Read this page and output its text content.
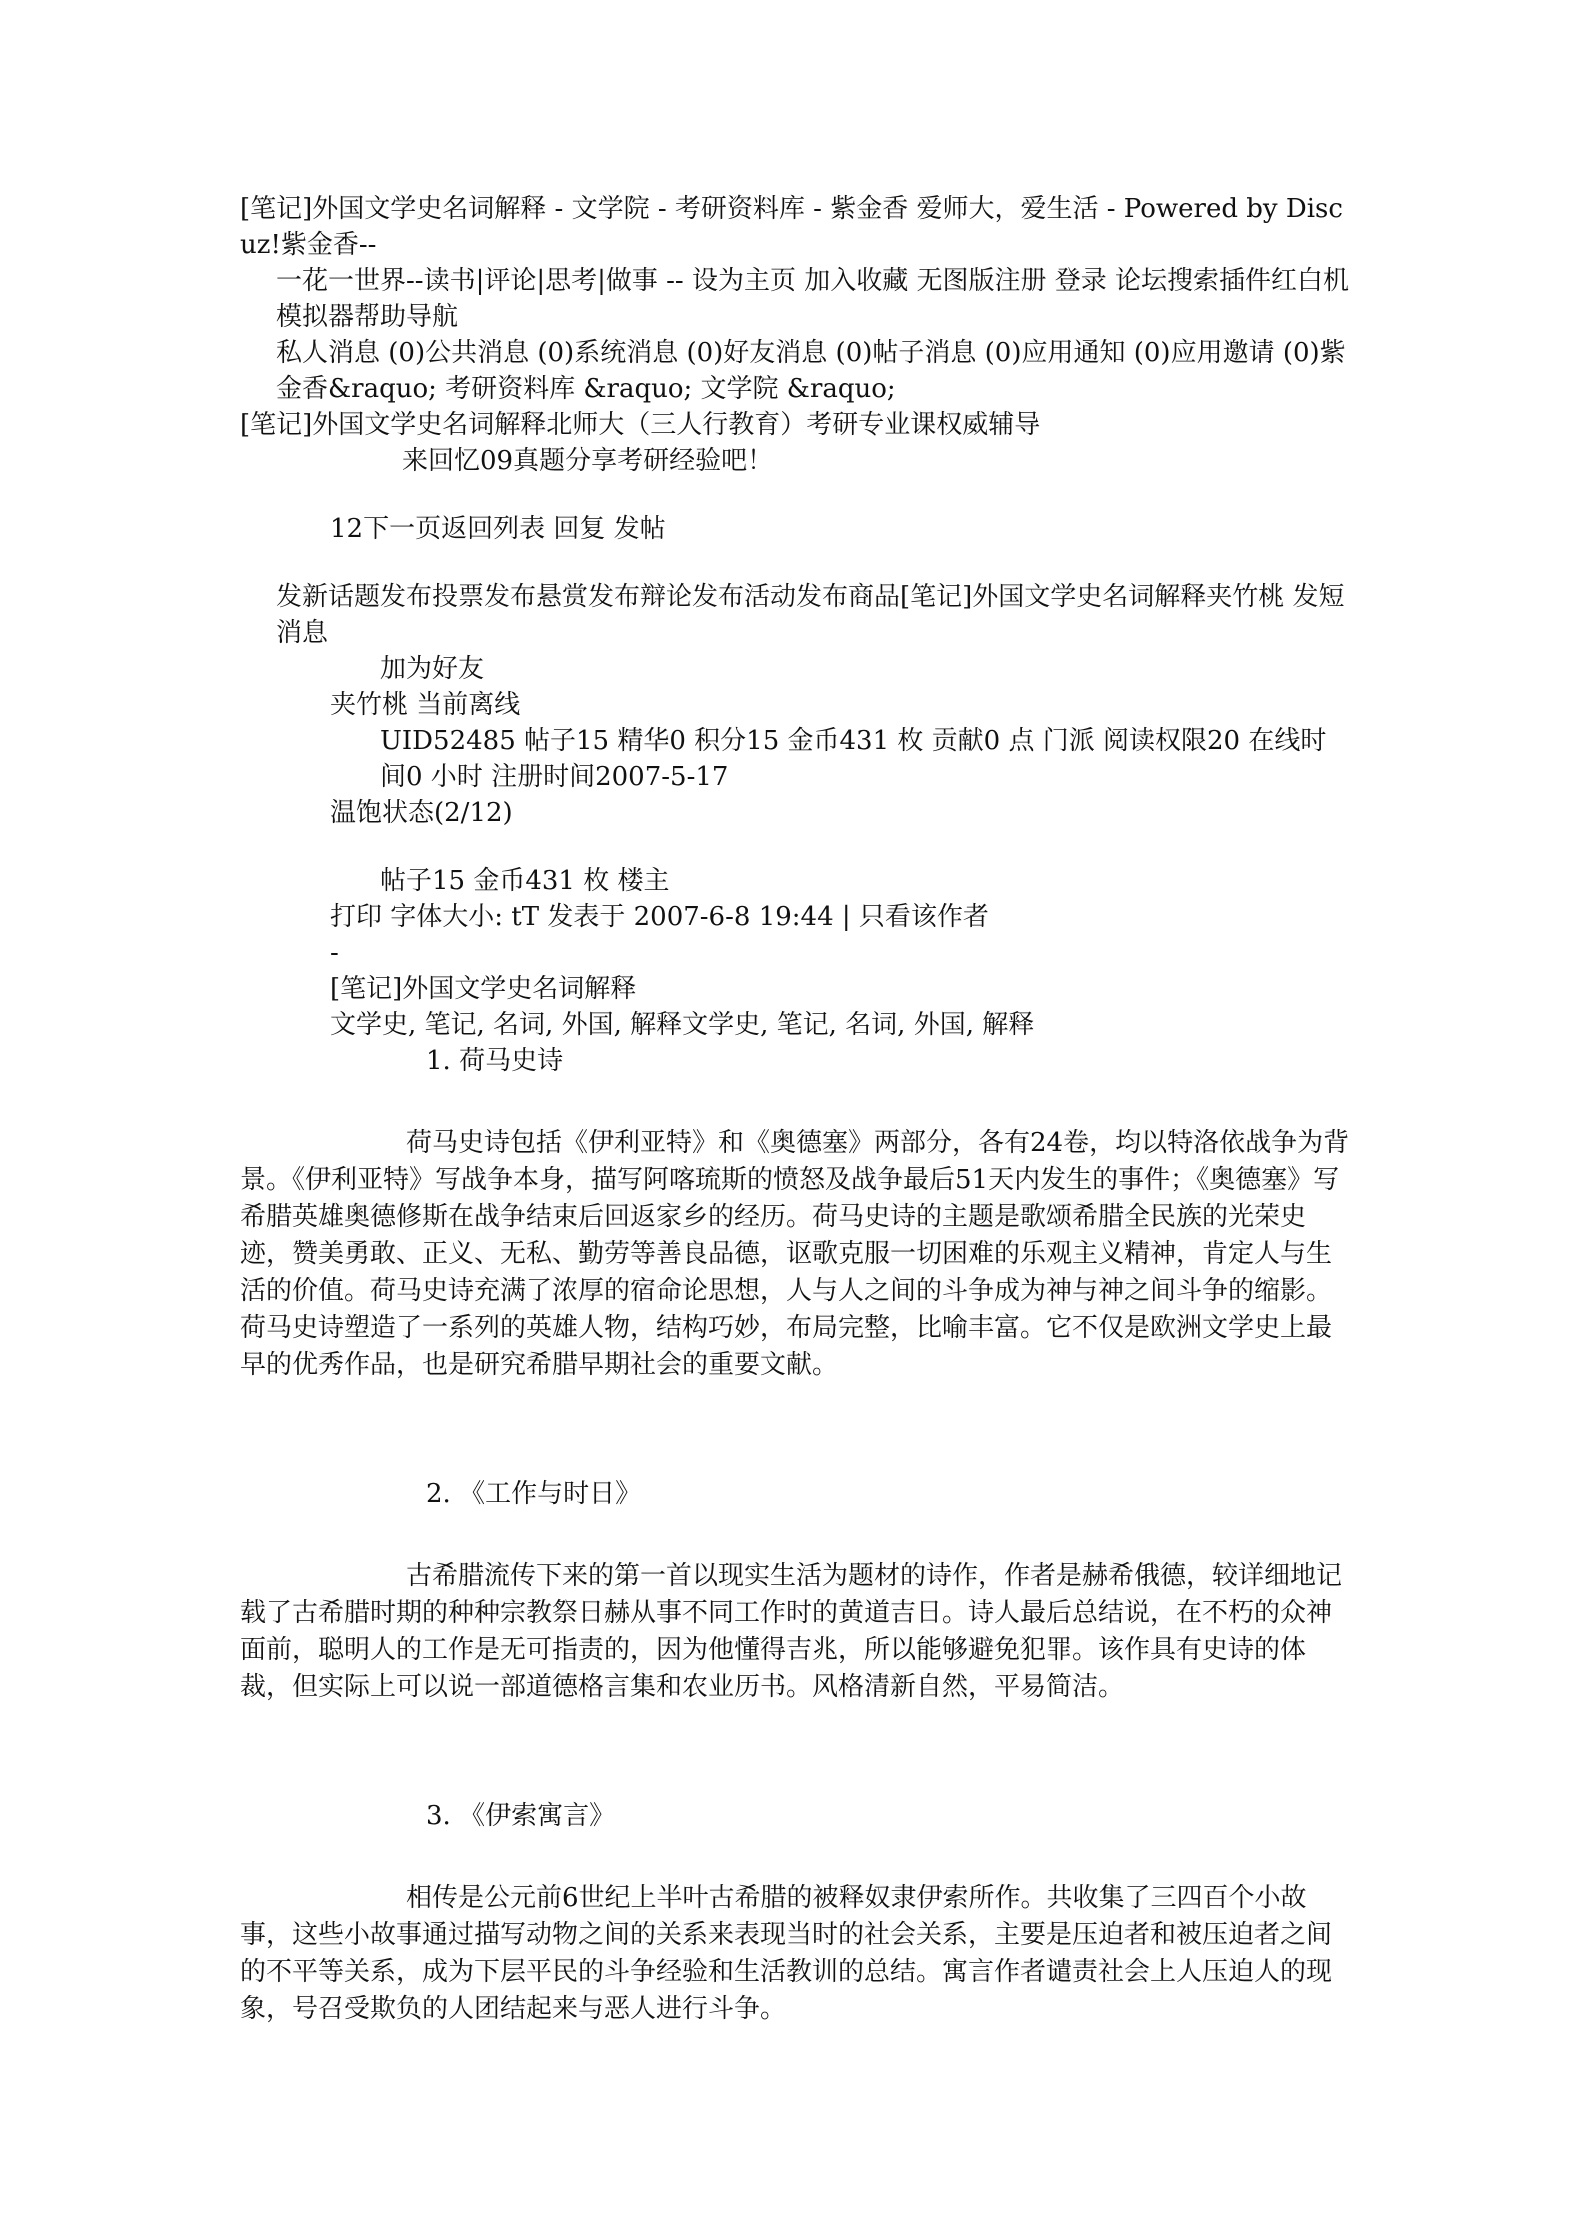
[笔记]外国文学史名词解释 - 文学院 - 考研资料库 - 紫金香 爱师大，爱生活 - Powered by Discuz!紫金香--
一花一世界--读书|评论|思考|做事 -- 设为主页 加入收藏 无图版注册 登录 论坛搜索插件红白机模拟器帮助导航
私人消息 (0)公共消息 (0)系统消息 (0)好友消息 (0)帖子消息 (0)应用通知 (0)应用邀请 (0)紫金香&raquo; 考研资料库 &raquo; 文学院 &raquo;
[笔记]外国文学史名词解释北师大（三人行教育）考研专业课权威辅导
来回忆09真题分享考研经验吧！
12下一页返回列表 回复 发帖
发新话题发布投票发布悬赏发布辩论发布活动发布商品[笔记]外国文学史名词解释夹竹桃 发短消息
加为好友
夹竹桃 当前离线
UID52485 帖子15 精华0 积分15 金币431 枚 贡献0 点 门派 阅读权限20 在线时间0 小时 注册时间2007-5-17
温饱状态(2/12)
帖子15 金币431 枚 楼主
打印 字体大小: tT 发表于 2007-6-8 19:44 | 只看该作者
-
[笔记]外国文学史名词解释
文学史, 笔记, 名词, 外国, 解释文学史, 笔记, 名词, 外国, 解释
1. 荷马史诗
荷马史诗包括《伊利亚特》和《奥德塞》两部分，各有24卷，均以特洛依战争为背景。《伊利亚特》写战争本身，描写阿喀琉斯的愤怒及战争最后51天内发生的事件；《奥德塞》写希腊英雄奥德修斯在战争结束后回返家乡的经历。荷马史诗的主题是歌颂希腊全民族的光荣史迹，赞美勇敢、正义、无私、勤劳等善良品德，讴歌克服一切困难的乐观主义精神，肯定人与生活的价值。荷马史诗充满了浓厚的宿命论思想，人与人之间的斗争成为神与神之间斗争的缩影。荷马史诗塑造了一系列的英雄人物，结构巧妙，布局完整，比喻丰富。它不仅是欧洲文学史上最早的优秀作品，也是研究希腊早期社会的重要文献。
2. 《工作与时日》
古希腊流传下来的第一首以现实生活为题材的诗作，作者是赫希俄德，较详细地记载了古希腊时期的种种宗教祭日赫从事不同工作时的黄道吉日。诗人最后总结说，在不朽的众神面前，聪明人的工作是无可指责的，因为他懂得吉兆，所以能够避免犯罪。该作具有史诗的体裁，但实际上可以说一部道德格言集和农业历书。风格清新自然，平易简洁。
3. 《伊索寓言》
相传是公元前6世纪上半叶古希腊的被释奴隶伊索所作。共收集了三四百个小故事，这些小故事通过描写动物之间的关系来表现当时的社会关系，主要是压迫者和被压迫者之间的不平等关系，成为下层平民的斗争经验和生活教训的总结。寓言作者谴责社会上人压迫人的现象，号召受欺负的人团结起来与恶人进行斗争。
